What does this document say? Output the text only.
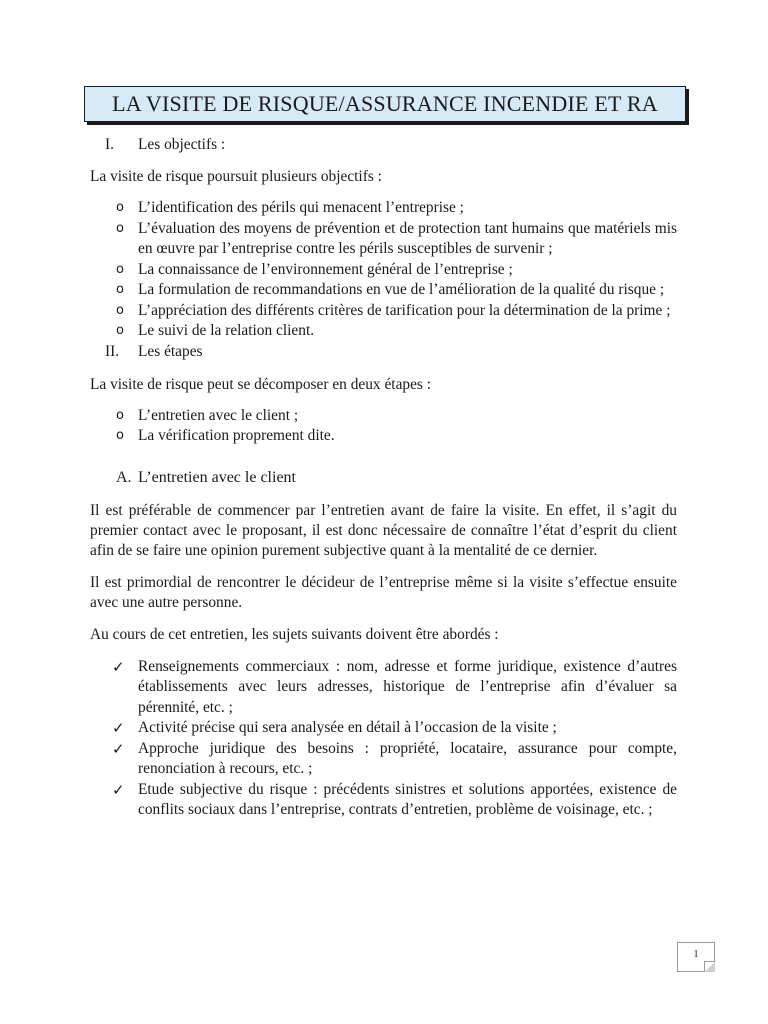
LA VISITE DE RISQUE/ASSURANCE INCENDIE ET RA
I.	Les objectifs :

La visite de risque poursuit plusieurs objectifs :

o L’identification des périls qui menacent l’entreprise ;
o L’évaluation des moyens de prévention et de protection tant humains que matériels mis en œuvre par l’entreprise contre les périls susceptibles de survenir ;
o La connaissance de l’environnement général de l’entreprise ;
o La formulation de recommandations en vue de l’amélioration de la qualité du risque ;
o L’appréciation des différents critères de tarification pour la détermination de la prime ;
o Le suivi de la relation client.
II.	Les étapes

La visite de risque peut se décomposer en deux étapes :

o L’entretien avec le client ;
o La vérification proprement dite.
A. L’entretien avec le client

Il est préférable de commencer par l’entretien avant de faire la visite. En effet, il s’agit du premier contact avec le proposant, il est donc nécessaire de connaître l’état d’esprit du client afin de se faire une opinion purement subjective quant à la mentalité de ce dernier.

Il est primordial de rencontrer le décideur de l’entreprise même si la visite s’effectue ensuite avec une autre personne.

Au cours de cet entretien, les sujets suivants doivent être abordés :

✓ Renseignements commerciaux : nom, adresse et forme juridique, existence d’autres établissements avec leurs adresses, historique de l’entreprise afin d’évaluer sa pérennité, etc. ;
✓ Activité précise qui sera analysée en détail à l’occasion de la visite ;
✓ Approche juridique des besoins : propriété, locataire, assurance pour compte, renonciation à recours, etc. ;
✓ Etude subjective du risque : précédents sinistres et solutions apportées, existence de conflits sociaux dans l’entreprise, contrats d’entretien, problème de voisinage, etc. ;
1
